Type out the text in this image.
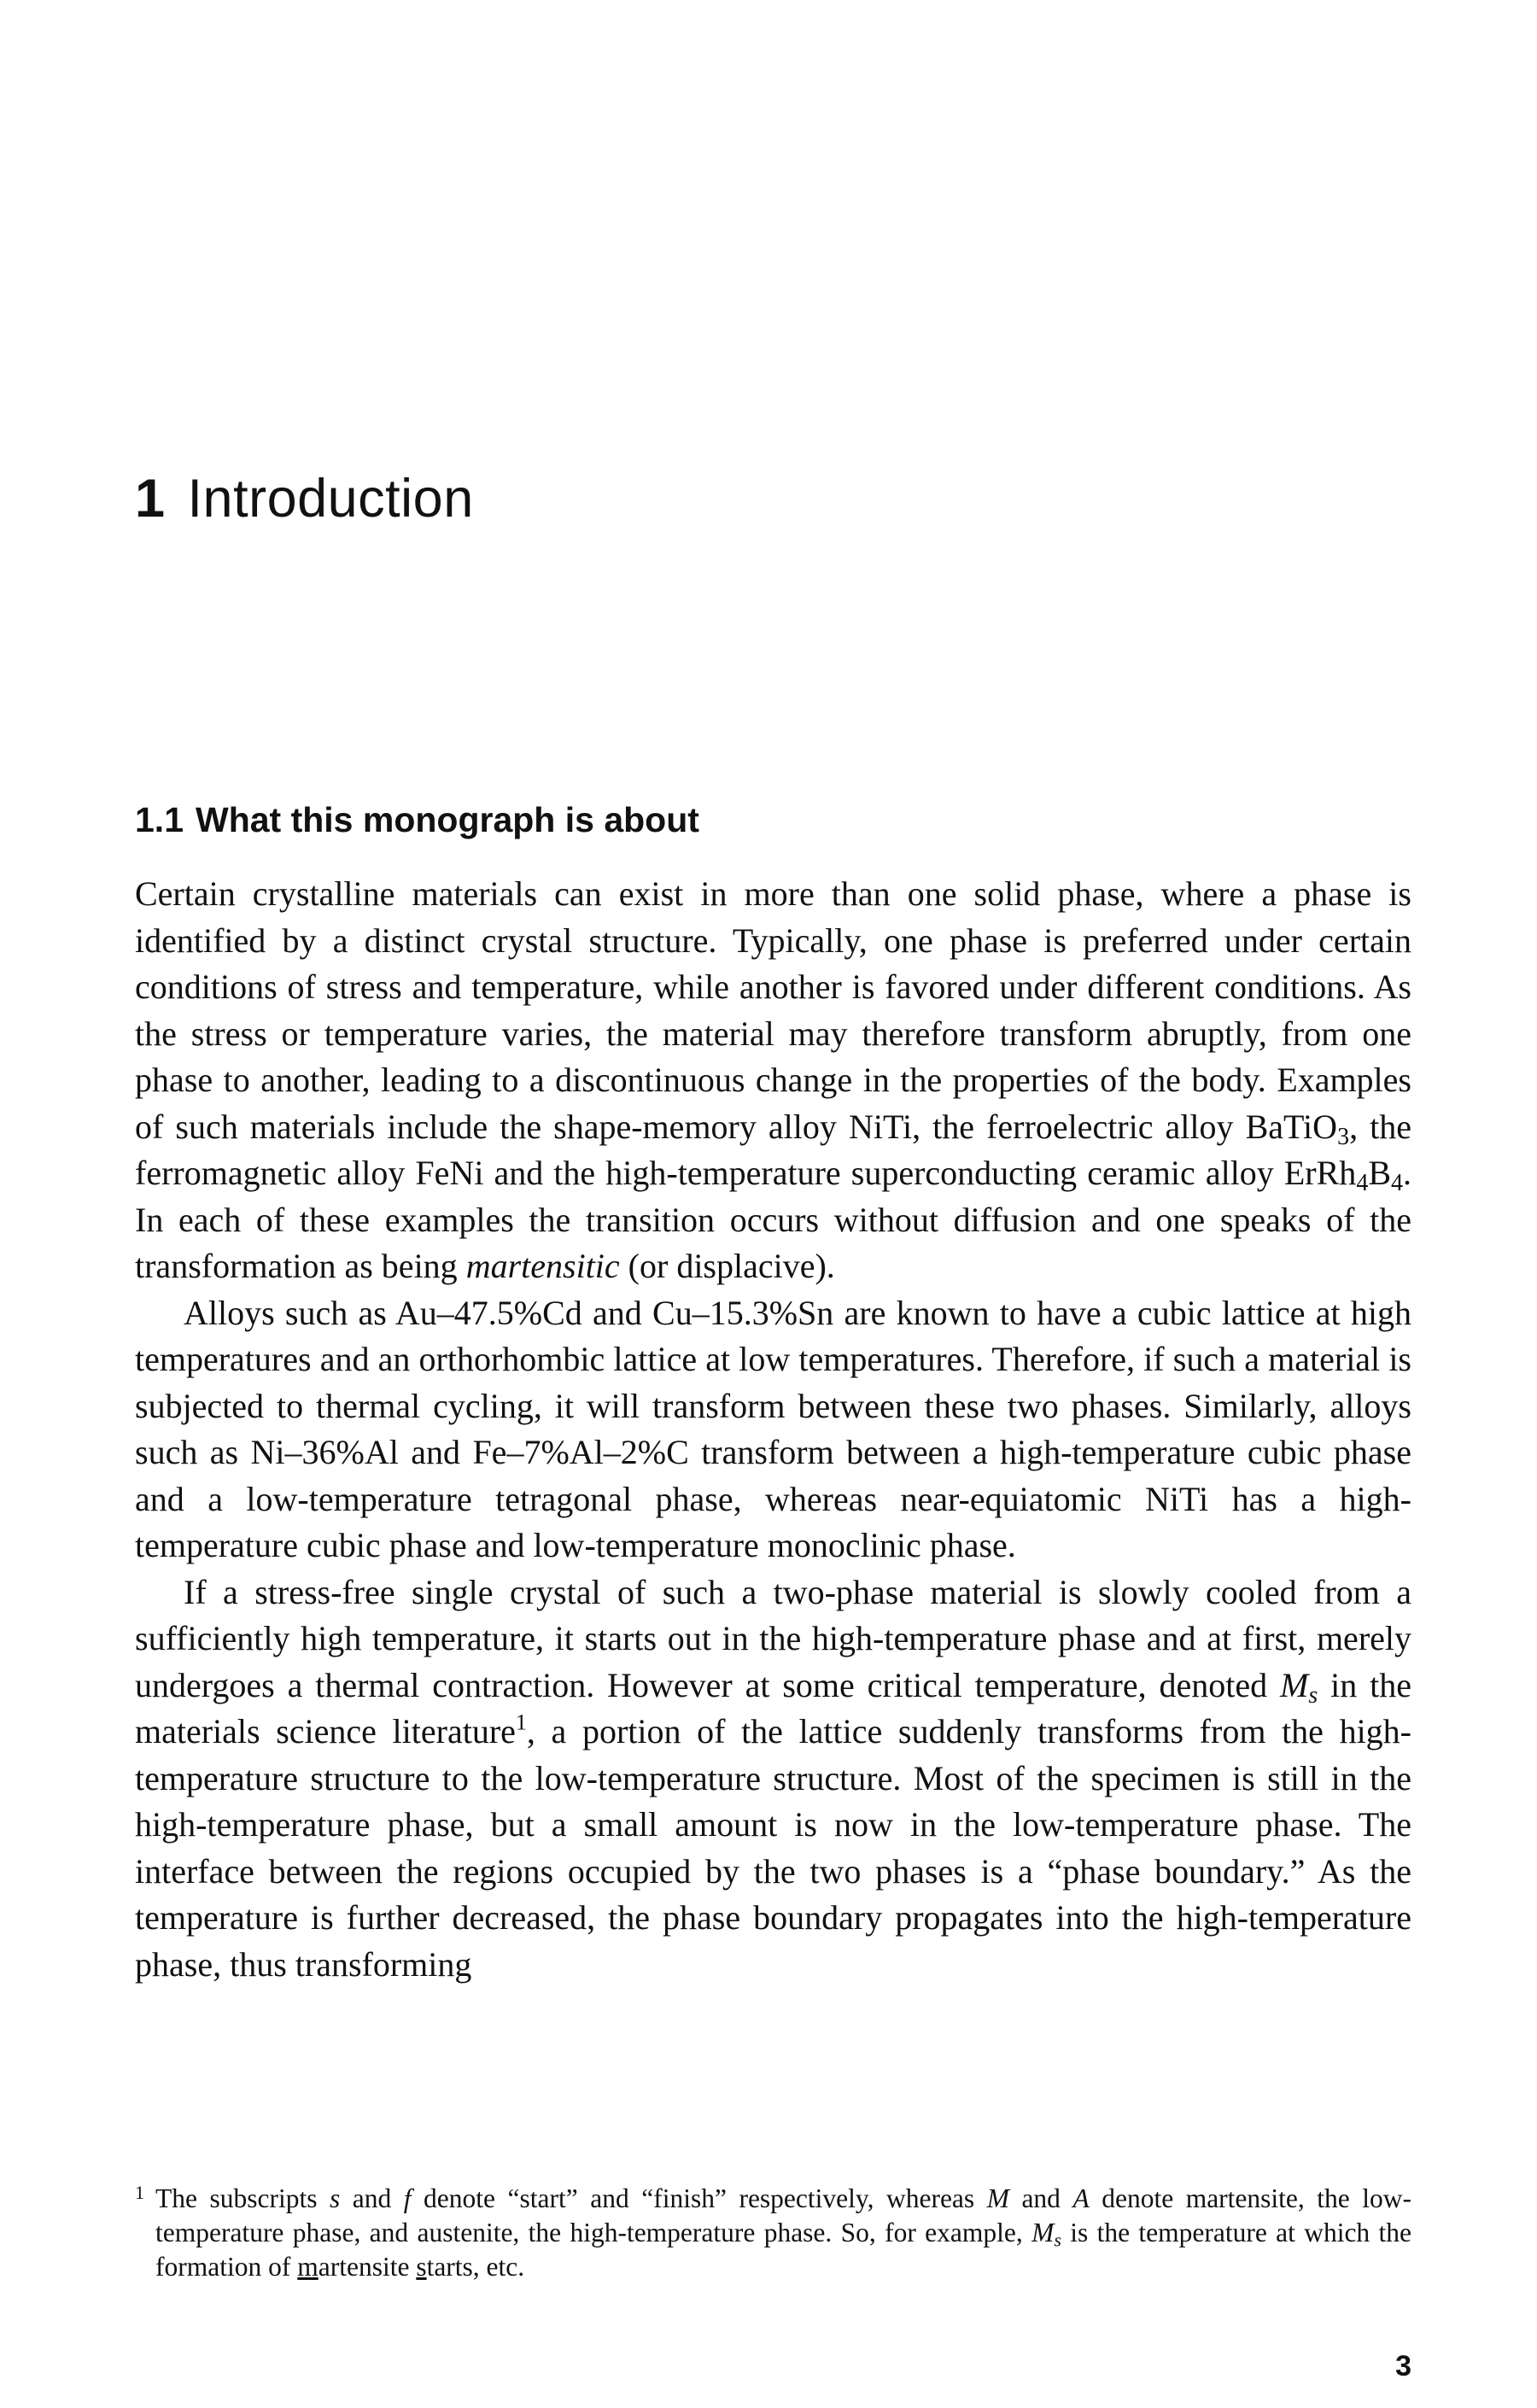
1 Introduction
1.1 What this monograph is about

Certain crystalline materials can exist in more than one solid phase, where a phase is identified by a distinct crystal structure. Typically, one phase is preferred under certain conditions of stress and temperature, while another is favored under different conditions. As the stress or temperature varies, the material may therefore transform abruptly, from one phase to another, leading to a discontinuous change in the properties of the body. Examples of such materials include the shape-memory alloy NiTi, the ferroelectric alloy BaTiO$_3$, the ferromagnetic alloy FeNi and the high-temperature superconducting ceramic alloy $ErRh_4B_4$. In each of these examples the transition occurs without diffusion and one speaks of the transformation as being martensitic (or displacive).

Alloys such as Au–47.5%Cd and Cu–15.3%Sn are known to have a cubic lattice at high temperatures and an orthorhombic lattice at low temperatures. Therefore, if such a material is subjected to thermal cycling, it will transform between these two phases. Similarly, alloys such as Ni–36%Al and Fe–7%Al–2%C transform between a high-temperature cubic phase and a low-temperature tetragonal phase, whereas near-equiatomic NiTi has a high-temperature cubic phase and low-temperature monoclinic phase.

If a stress-free single crystal of such a two-phase material is slowly cooled from a sufficiently high temperature, it starts out in the high-temperature phase and at first, merely undergoes a thermal contraction. However at some critical temperature, denoted $M_s$ in the materials science literature$^1$, a portion of the lattice suddenly transforms from the high-temperature structure to the low-temperature structure. Most of the specimen is still in the high-temperature phase, but a small amount is now in the low-temperature phase. The interface between the regions occupied by the two phases is a “phase boundary.” As the temperature is further decreased, the phase boundary propagates into the high-temperature phase, thus transforming

1 The subscripts s and f denote “start” and “finish” respectively, whereas M and A denote martensite, the low-temperature phase, and austenite, the high-temperature phase. So, for example, $M_s$ is the temperature at which the formation of martensite starts, etc.
3
